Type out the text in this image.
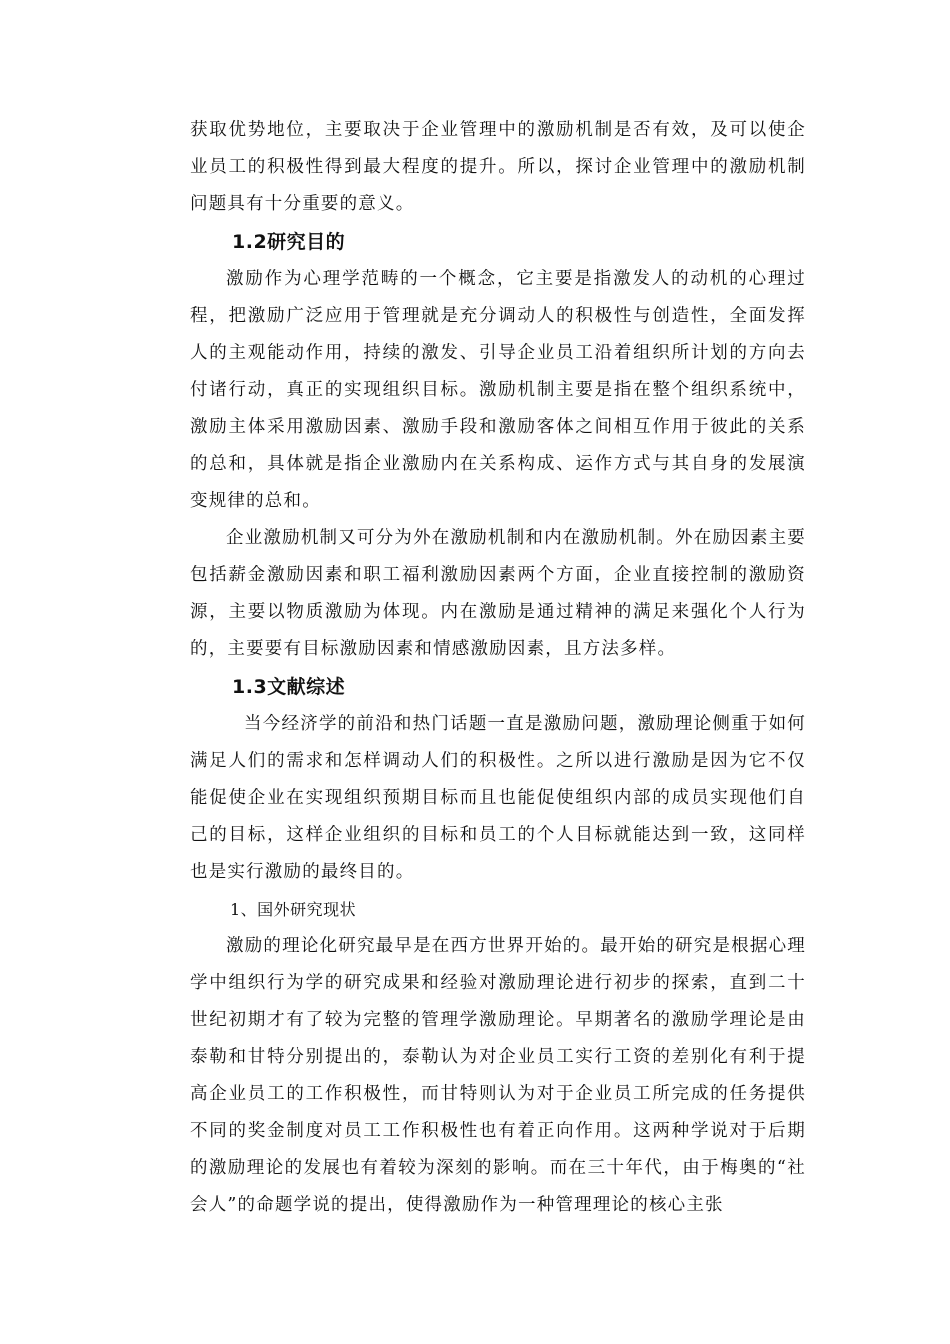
获取优势地位，主要取决于企业管理中的激励机制是否有效，及可以使企业员工的积极性得到最大程度的提升。所以，探讨企业管理中的激励机制问题具有十分重要的意义。

1.2研究目的

激励作为心理学范畴的一个概念，它主要是指激发人的动机的心理过程，把激励广泛应用于管理就是充分调动人的积极性与创造性，全面发挥人的主观能动作用，持续的激发、引导企业员工沿着组织所计划的方向去付诸行动，真正的实现组织目标。激励机制主要是指在整个组织系统中，激励主体采用激励因素、激励手段和激励客体之间相互作用于彼此的关系的总和，具体就是指企业激励内在关系构成、运作方式与其自身的发展演变规律的总和。

企业激励机制又可分为外在激励机制和内在激励机制。外在励因素主要包括薪金激励因素和职工福利激励因素两个方面，企业直接控制的激励资源，主要以物质激励为体现。内在激励是通过精神的满足来强化个人行为的，主要要有目标激励因素和情感激励因素，且方法多样。

1.3文献综述

当今经济学的前沿和热门话题一直是激励问题，激励理论侧重于如何满足人们的需求和怎样调动人们的积极性。之所以进行激励是因为它不仅能促使企业在实现组织预期目标而且也能促使组织内部的成员实现他们自己的目标，这样企业组织的目标和员工的个人目标就能达到一致，这同样也是实行激励的最终目的。

1、国外研究现状

激励的理论化研究最早是在西方世界开始的。最开始的研究是根据心理学中组织行为学的研究成果和经验对激励理论进行初步的探索，直到二十世纪初期才有了较为完整的管理学激励理论。早期著名的激励学理论是由泰勒和甘特分别提出的，泰勒认为对企业员工实行工资的差别化有利于提高企业员工的工作积极性，而甘特则认为对于企业员工所完成的任务提供不同的奖金制度对员工工作积极性也有着正向作用。这两种学说对于后期的激励理论的发展也有着较为深刻的影响。而在三十年代，由于梅奥的“社会人”的命题学说的提出，使得激励作为一种管理理论的核心主张
